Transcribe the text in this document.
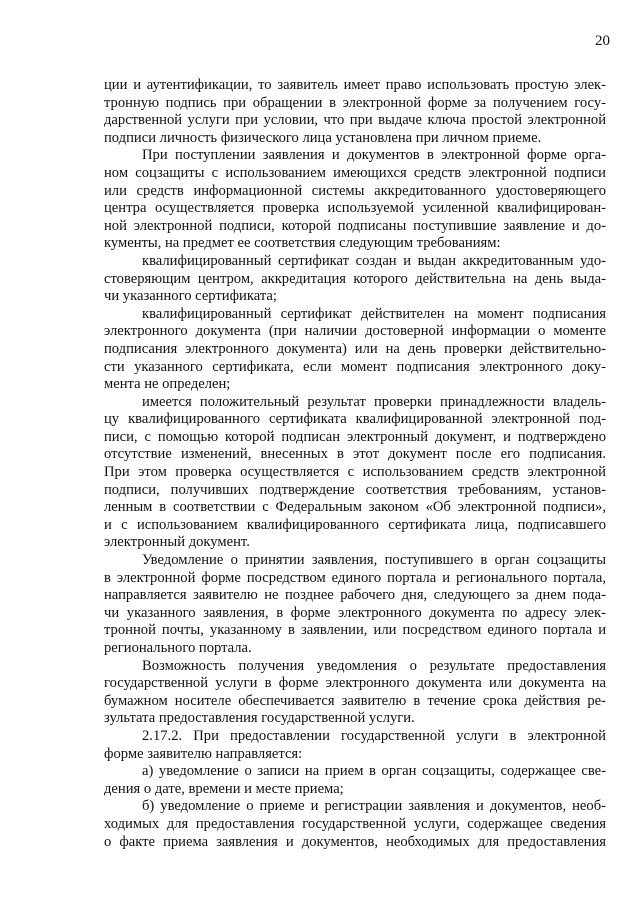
20
ции и аутентификации, то заявитель имеет право использовать простую элек-
тронную подпись при обращении в электронной форме за получением госу-
дарственной услуги при условии, что при выдаче ключа простой электронной
подписи личность физического лица установлена при личном приеме.
При поступлении заявления и документов в электронной форме орга-
ном соцзащиты с использованием имеющихся средств электронной подписи
или средств информационной системы аккредитованного удостоверяющего
центра осуществляется проверка используемой усиленной квалифицирован-
ной электронной подписи, которой подписаны поступившие заявление и до-
кументы, на предмет ее соответствия следующим требованиям:
квалифицированный сертификат создан и выдан аккредитованным удо-
стоверяющим центром, аккредитация которого действительна на день выда-
чи указанного сертификата;
квалифицированный сертификат действителен на момент подписания
электронного документа (при наличии достоверной информации о моменте
подписания электронного документа) или на день проверки действительно-
сти указанного сертификата, если момент подписания электронного доку-
мента не определен;
имеется положительный результат проверки принадлежности владель-
цу квалифицированного сертификата квалифицированной электронной под-
писи, с помощью которой подписан электронный документ, и подтверждено
отсутствие изменений, внесенных в этот документ после его подписания.
При этом проверка осуществляется с использованием средств электронной
подписи, получивших подтверждение соответствия требованиям, установ-
ленным в соответствии с Федеральным законом «Об электронной подписи»,
и с использованием квалифицированного сертификата лица, подписавшего
электронный документ.
Уведомление о принятии заявления, поступившего в орган соцзащиты
в электронной форме посредством единого портала и регионального портала,
направляется заявителю не позднее рабочего дня, следующего за днем пода-
чи указанного заявления, в форме электронного документа по адресу элек-
тронной почты, указанному в заявлении, или посредством единого портала и
регионального портала.
Возможность получения уведомления о результате предоставления
государственной услуги в форме электронного документа или документа на
бумажном носителе обеспечивается заявителю в течение срока действия ре-
зультата предоставления государственной услуги.
2.17.2. При предоставлении государственной услуги в электронной
форме заявителю направляется:
а) уведомление о записи на прием в орган соцзащиты, содержащее све-
дения о дате, времени и месте приема;
б) уведомление о приеме и регистрации заявления и документов, необ-
ходимых для предоставления государственной услуги, содержащее сведения
о факте приема заявления и документов, необходимых для предоставления
